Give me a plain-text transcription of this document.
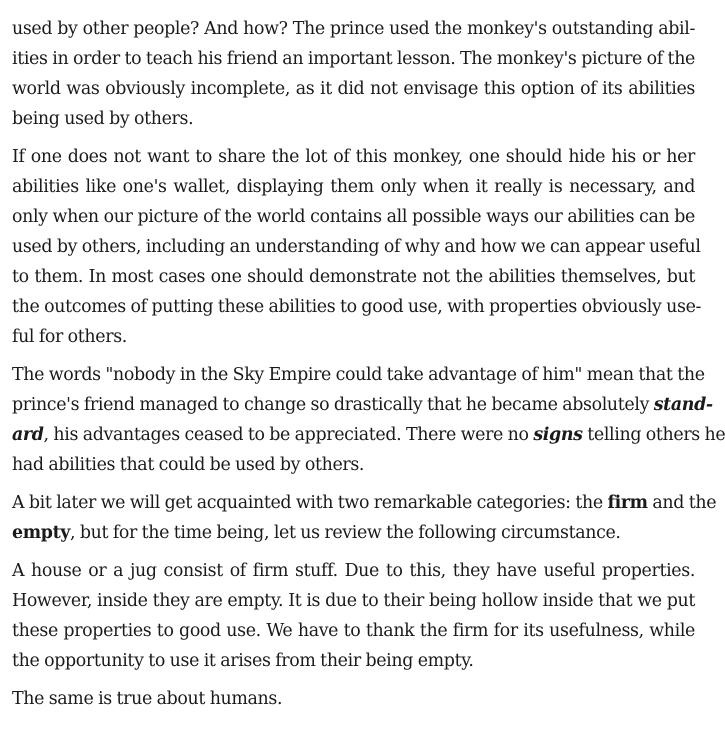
used by other people? And how? The prince used the monkey's outstanding abil-
ities in order to teach his friend an important lesson. The monkey's picture of the
world was obviously incomplete, as it did not envisage this option of its abilities
being used by others.
If one does not want to share the lot of this monkey, one should hide his or her
abilities like one's wallet, displaying them only when it really is necessary, and
only when our picture of the world contains all possible ways our abilities can be
used by others, including an understanding of why and how we can appear useful
to them. In most cases one should demonstrate not the abilities themselves, but
the outcomes of putting these abilities to good use, with properties obviously use-
ful for others.
The words "nobody in the Sky Empire could take advantage of him" mean that the
prince's friend managed to change so drastically that he became absolutely stand-
ard, his advantages ceased to be appreciated. There were no signs telling others he
had abilities that could be used by others.
A bit later we will get acquainted with two remarkable categories: the firm and the
empty, but for the time being, let us review the following circumstance.
A house or a jug consist of firm stuff. Due to this, they have useful properties.
However, inside they are empty. It is due to their being hollow inside that we put
these properties to good use. We have to thank the firm for its usefulness, while
the opportunity to use it arises from their being empty.
The same is true about humans.
